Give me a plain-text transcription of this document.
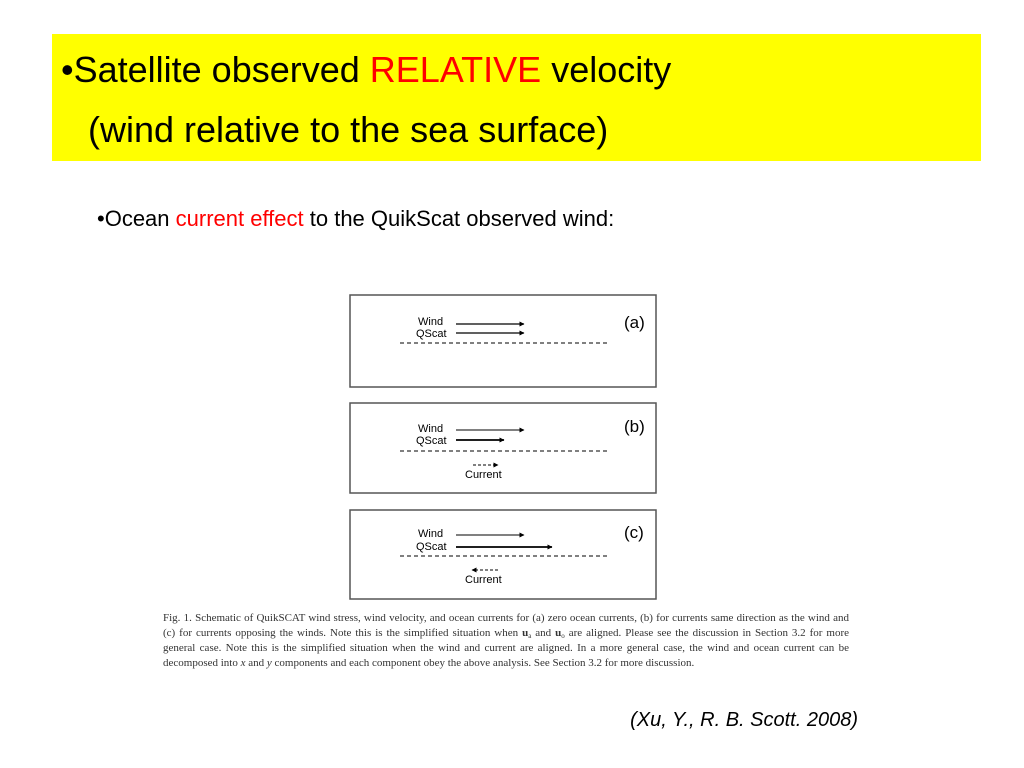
•Satellite observed RELATIVE velocity
(wind relative to the sea surface)
•Ocean current effect to the QuikScat observed wind:
Wind
QScat
(a)
Wind
QScat
Current
(b)
Wind
QScat
Current
(c)
Fig. 1. Schematic of QuikSCAT wind stress, wind velocity, and ocean currents for (a) zero ocean currents, (b) for currents same direction as the wind and (c) for currents opposing the winds. Note this is the simplified situation when $u_a$ and $u_o$ are aligned. Please see the discussion in Section 3.2 for more general case. Note this is the simplified situation when the wind and current are aligned. In a more general case, the wind and ocean current can be decomposed into x and y components and each component obey the above analysis. See Section 3.2 for more discussion.
(Xu, Y., R. B. Scott. 2008)
